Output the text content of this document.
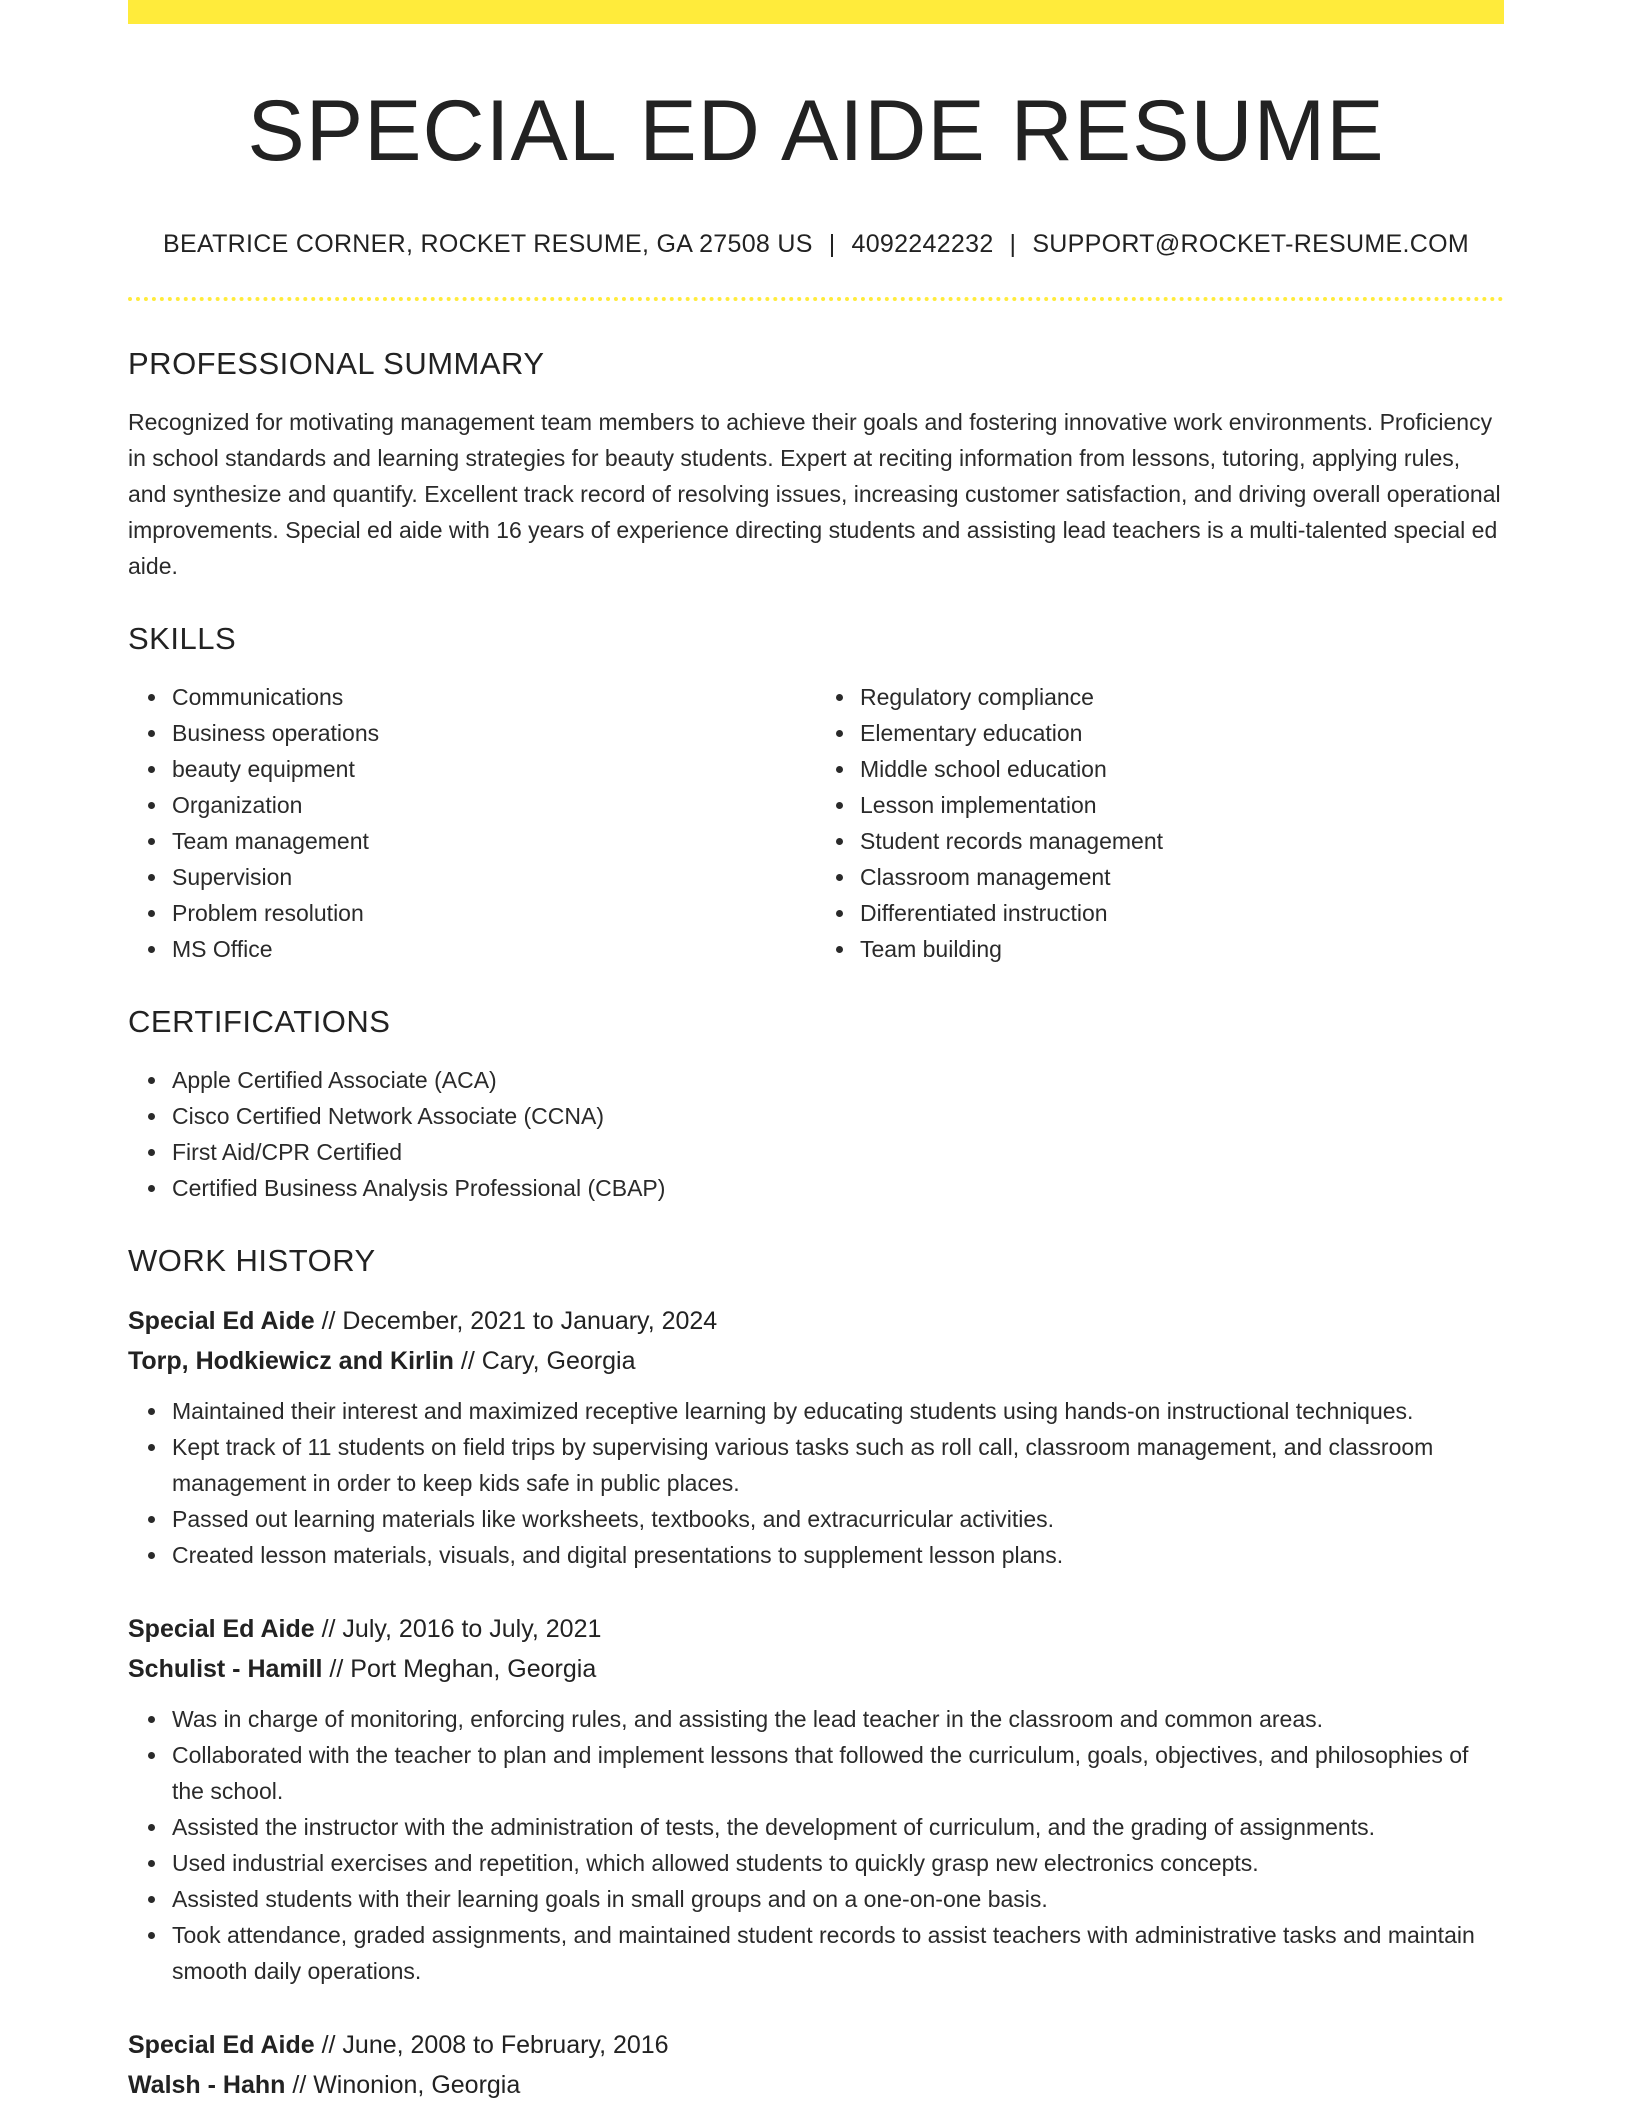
SPECIAL ED AIDE RESUME
BEATRICE CORNER, ROCKET RESUME, GA 27508 US | 4092242232 | SUPPORT@ROCKET-RESUME.COM
PROFESSIONAL SUMMARY

Recognized for motivating management team members to achieve their goals and fostering innovative work environments. Proficiency in school standards and learning strategies for beauty students. Expert at reciting information from lessons, tutoring, applying rules, and synthesize and quantify. Excellent track record of resolving issues, increasing customer satisfaction, and driving overall operational improvements. Special ed aide with 16 years of experience directing students and assisting lead teachers is a multi-talented special ed aide.

SKILLS
Communications
Business operations
beauty equipment
Organization
Team management
Supervision
Problem resolution
MS Office
Regulatory compliance
Elementary education
Middle school education
Lesson implementation
Student records management
Classroom management
Differentiated instruction
Team building
CERTIFICATIONS
Apple Certified Associate (ACA)
Cisco Certified Network Associate (CCNA)
First Aid/CPR Certified
Certified Business Analysis Professional (CBAP)
WORK HISTORY
Special Ed Aide // December, 2021 to January, 2024
Torp, Hodkiewicz and Kirlin // Cary, Georgia
Maintained their interest and maximized receptive learning by educating students using hands-on instructional techniques.
Kept track of 11 students on field trips by supervising various tasks such as roll call, classroom management, and classroom management in order to keep kids safe in public places.
Passed out learning materials like worksheets, textbooks, and extracurricular activities.
Created lesson materials, visuals, and digital presentations to supplement lesson plans.
Special Ed Aide // July, 2016 to July, 2021
Schulist - Hamill // Port Meghan, Georgia
Was in charge of monitoring, enforcing rules, and assisting the lead teacher in the classroom and common areas.
Collaborated with the teacher to plan and implement lessons that followed the curriculum, goals, objectives, and philosophies of the school.
Assisted the instructor with the administration of tests, the development of curriculum, and the grading of assignments.
Used industrial exercises and repetition, which allowed students to quickly grasp new electronics concepts.
Assisted students with their learning goals in small groups and on a one-on-one basis.
Took attendance, graded assignments, and maintained student records to assist teachers with administrative tasks and maintain smooth daily operations.
Special Ed Aide // June, 2008 to February, 2016
Walsh - Hahn // Winonion, Georgia
